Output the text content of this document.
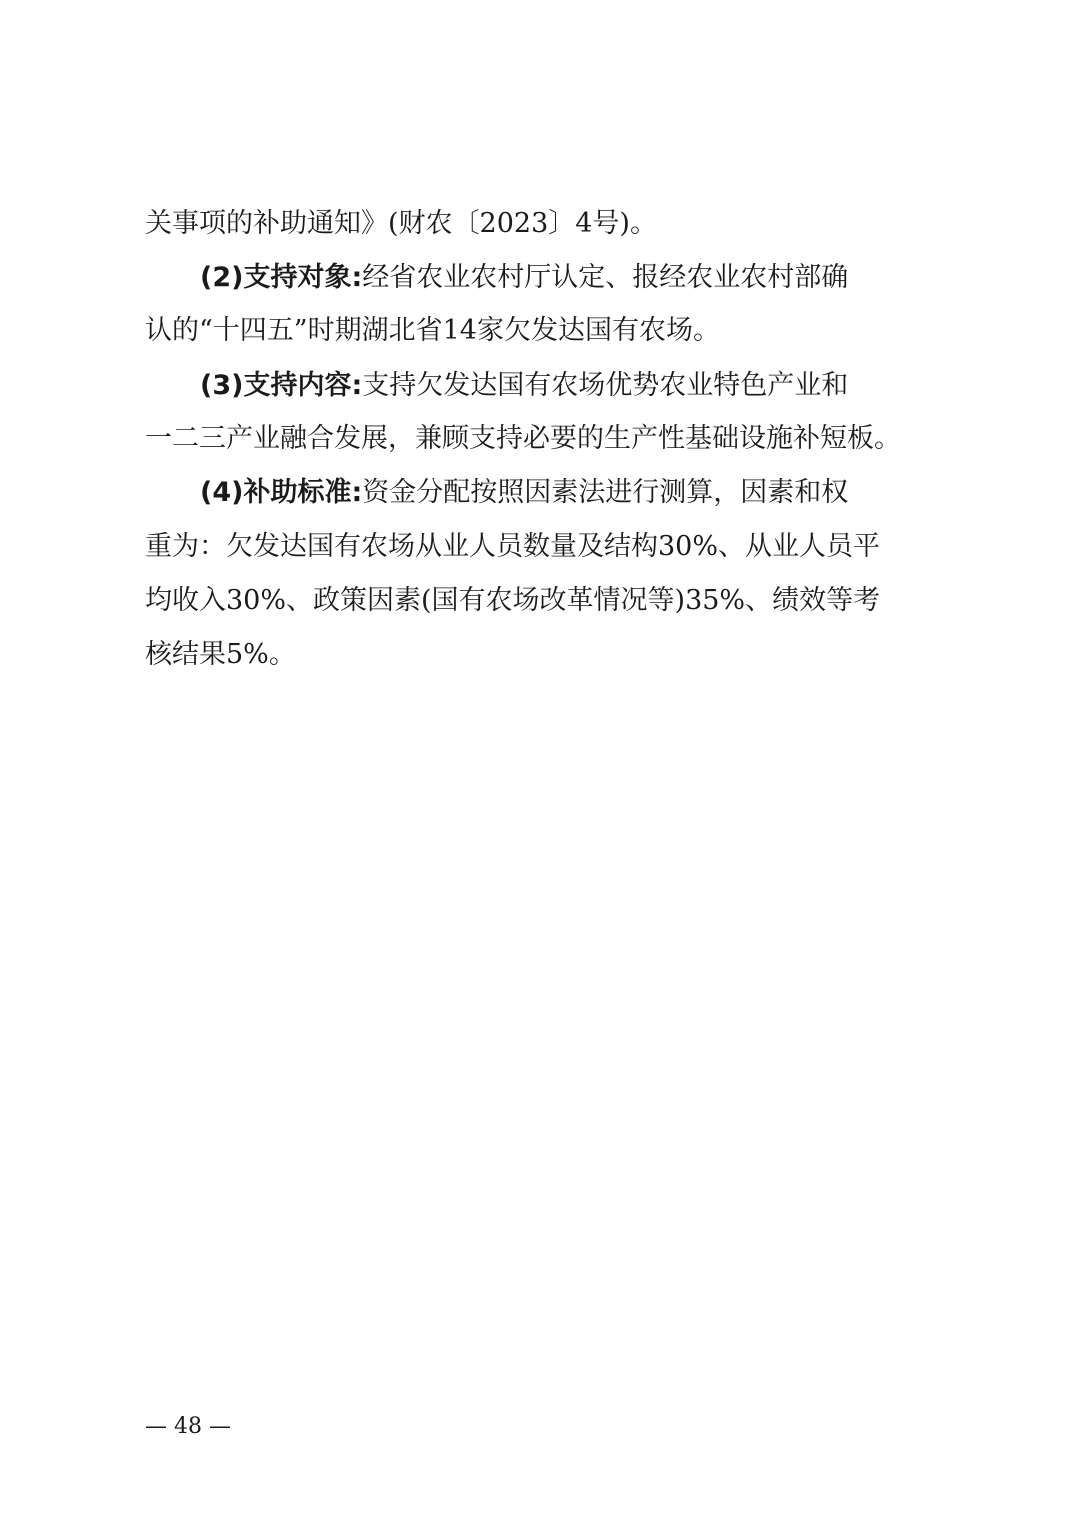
关事项的补助通知》(财农〔2023〕4号)。
(2)支持对象:经省农业农村厅认定、报经农业农村部确
认的“十四五”时期湖北省14家欠发达国有农场。
(3)支持内容:支持欠发达国有农场优势农业特色产业和
一二三产业融合发展，兼顾支持必要的生产性基础设施补短板。
(4)补助标准:资金分配按照因素法进行测算，因素和权
重为：欠发达国有农场从业人员数量及结构30%、从业人员平
均收入30%、政策因素(国有农场改革情况等)35%、绩效等考
核结果5%。
— 48 —
